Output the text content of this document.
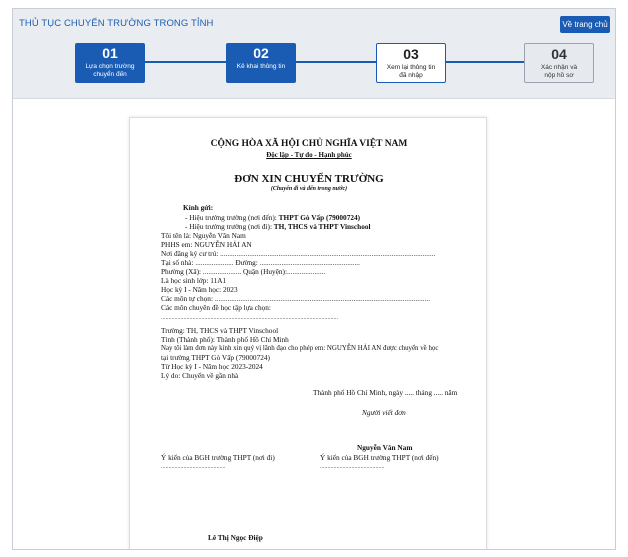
THỦ TỤC CHUYỂN TRƯỜNG TRONG TỈNH	Về trang chủ
01
Lựa chọn trường
chuyển đến
02
Kê khai thông tin
03
Xem lại thông tin
đã nhập
04
Xác nhận và
nộp hồ sơ
CỘNG HÒA XÃ HỘI CHỦ NGHĨA VIỆT NAM
Độc lập - Tự do - Hạnh phúc
ĐƠN XIN CHUYỂN TRƯỜNG
(Chuyển đi và đến trong nước)
Kính gửi:
- Hiệu trưởng trường (nơi đến): THPT Gò Vấp (79000724)
- Hiệu trưởng trường (nơi đi): TH, THCS và THPT Vinschool
Tôi tên là: Nguyễn Văn Nam
PHHS em: NGUYỄN HẢI AN
Nơi đăng ký cư trú: ......................................................................................................................
Tại số nhà: ..................... Đường: .......................................................
Phường (Xã): ..................... Quận (Huyện):.....................
Là học sinh lớp: 11A1
Học kỳ I - Năm học: 2023
Các môn tự chọn: ......................................................................................................................
Các môn chuyên đề học tập lựa chọn:
......................................................................................................................
Trường: TH, THCS và THPT Vinschool
Tỉnh (Thành phố): Thành phố Hồ Chí Minh
Nay tôi làm đơn này kính xin quý vị lãnh đạo cho phép em: NGUYỄN HẢI AN được chuyển về học
tại trường THPT Gò Vấp (79000724)
Từ Học kỳ I - Năm học 2023-2024
Lý do: Chuyển về gần nhà
Thành phố Hồ Chí Minh, ngày ..... tháng ..... năm
Người viết đơn
Nguyễn Văn Nam
Ý kiến của BGH trường THPT (nơi đi)	Ý kiến của BGH trường THPT (nơi đến)
...........................................	...........................................
Lê Thị Ngọc Điệp
